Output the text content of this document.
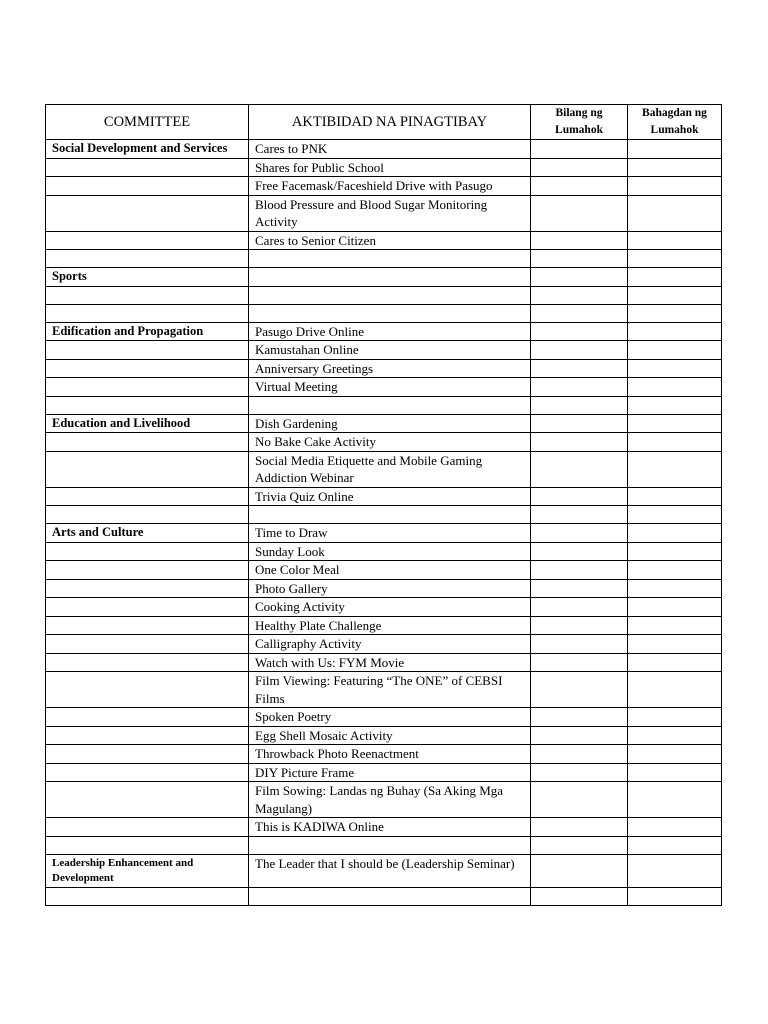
COMMITTEE	AKTIBIDAD NA PINAGTIBAY	Bilang ng Lumahok	Bahagdan ng Lumahok
Social Development and Services	Cares to PNK		
	Shares for Public School		
	Free Facemask/Faceshield Drive with Pasugo		
	Blood Pressure and Blood Sugar Monitoring Activity		
	Cares to Senior Citizen		

Sports			

Edification and Propagation	Pasugo Drive Online		
	Kamustahan Online		
	Anniversary Greetings		
	Virtual Meeting		

Education and Livelihood	Dish Gardening		
	No Bake Cake Activity		
	Social Media Etiquette and Mobile Gaming Addiction Webinar		
	Trivia Quiz Online		

Arts and Culture	Time to Draw		
	Sunday Look		
	One Color Meal		
	Photo Gallery		
	Cooking Activity		
	Healthy Plate Challenge		
	Calligraphy Activity		
	Watch with Us: FYM Movie		
	Film Viewing: Featuring “The ONE” of CEBSI Films		
	Spoken Poetry		
	Egg Shell Mosaic Activity		
	Throwback Photo Reenactment		
	DIY Picture Frame		
	Film Sowing: Landas ng Buhay (Sa Aking Mga Magulang)		
	This is KADIWA Online		

Leadership Enhancement and Development	The Leader that I should be (Leadership Seminar)		
